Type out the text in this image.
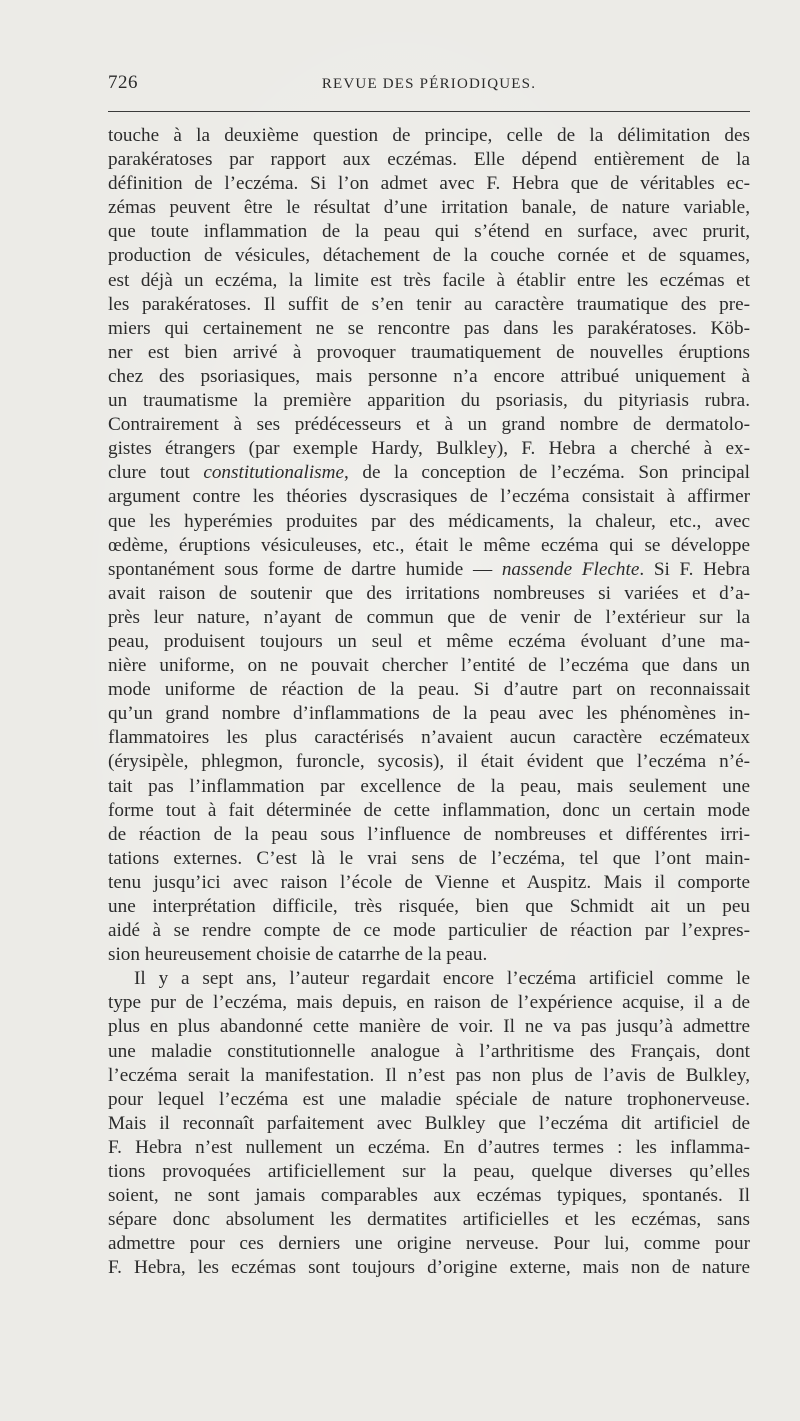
726	REVUE DES PÉRIODIQUES.
touche à la deuxième question de principe, celle de la délimitation des
parakératoses par rapport aux eczémas. Elle dépend entièrement de la
définition de l’eczéma. Si l’on admet avec F. Hebra que de véritables ec-
zémas peuvent être le résultat d’une irritation banale, de nature variable,
que toute inflammation de la peau qui s’étend en surface, avec prurit,
production de vésicules, détachement de la couche cornée et de squames,
est déjà un eczéma, la limite est très facile à établir entre les eczémas et
les parakératoses. Il suffit de s’en tenir au caractère traumatique des pre-
miers qui certainement ne se rencontre pas dans les parakératoses. Köb-
ner est bien arrivé à provoquer traumatiquement de nouvelles éruptions
chez des psoriasiques, mais personne n’a encore attribué uniquement à
un traumatisme la première apparition du psoriasis, du pityriasis rubra.
Contrairement à ses prédécesseurs et à un grand nombre de dermatolo-
gistes étrangers (par exemple Hardy, Bulkley), F. Hebra a cherché à ex-
clure tout constitutionalisme, de la conception de l’eczéma. Son principal
argument contre les théories dyscrasiques de l’eczéma consistait à affirmer
que les hyperémies produites par des médicaments, la chaleur, etc., avec
œdème, éruptions vésiculeuses, etc., était le même eczéma qui se développe
spontanément sous forme de dartre humide — nassende Flechte. Si F. Hebra
avait raison de soutenir que des irritations nombreuses si variées et d’a-
près leur nature, n’ayant de commun que de venir de l’extérieur sur la
peau, produisent toujours un seul et même eczéma évoluant d’une ma-
nière uniforme, on ne pouvait chercher l’entité de l’eczéma que dans un
mode uniforme de réaction de la peau. Si d’autre part on reconnaissait
qu’un grand nombre d’inflammations de la peau avec les phénomènes in-
flammatoires les plus caractérisés n’avaient aucun caractère eczémateux
(érysipèle, phlegmon, furoncle, sycosis), il était évident que l’eczéma n’é-
tait pas l’inflammation par excellence de la peau, mais seulement une
forme tout à fait déterminée de cette inflammation, donc un certain mode
de réaction de la peau sous l’influence de nombreuses et différentes irri-
tations externes. C’est là le vrai sens de l’eczéma, tel que l’ont main-
tenu jusqu’ici avec raison l’école de Vienne et Auspitz. Mais il comporte
une interprétation difficile, très risquée, bien que Schmidt ait un peu
aidé à se rendre compte de ce mode particulier de réaction par l’expres-
sion heureusement choisie de catarrhe de la peau.
Il y a sept ans, l’auteur regardait encore l’eczéma artificiel comme le
type pur de l’eczéma, mais depuis, en raison de l’expérience acquise, il a de
plus en plus abandonné cette manière de voir. Il ne va pas jusqu’à admettre
une maladie constitutionnelle analogue à l’arthritisme des Français, dont
l’eczéma serait la manifestation. Il n’est pas non plus de l’avis de Bulkley,
pour lequel l’eczéma est une maladie spéciale de nature trophonerveuse.
Mais il reconnaît parfaitement avec Bulkley que l’eczéma dit artificiel de
F. Hebra n’est nullement un eczéma. En d’autres termes : les inflamma-
tions provoquées artificiellement sur la peau, quelque diverses qu’elles
soient, ne sont jamais comparables aux eczémas typiques, spontanés. Il
sépare donc absolument les dermatites artificielles et les eczémas, sans
admettre pour ces derniers une origine nerveuse. Pour lui, comme pour
F. Hebra, les eczémas sont toujours d’origine externe, mais non de nature
